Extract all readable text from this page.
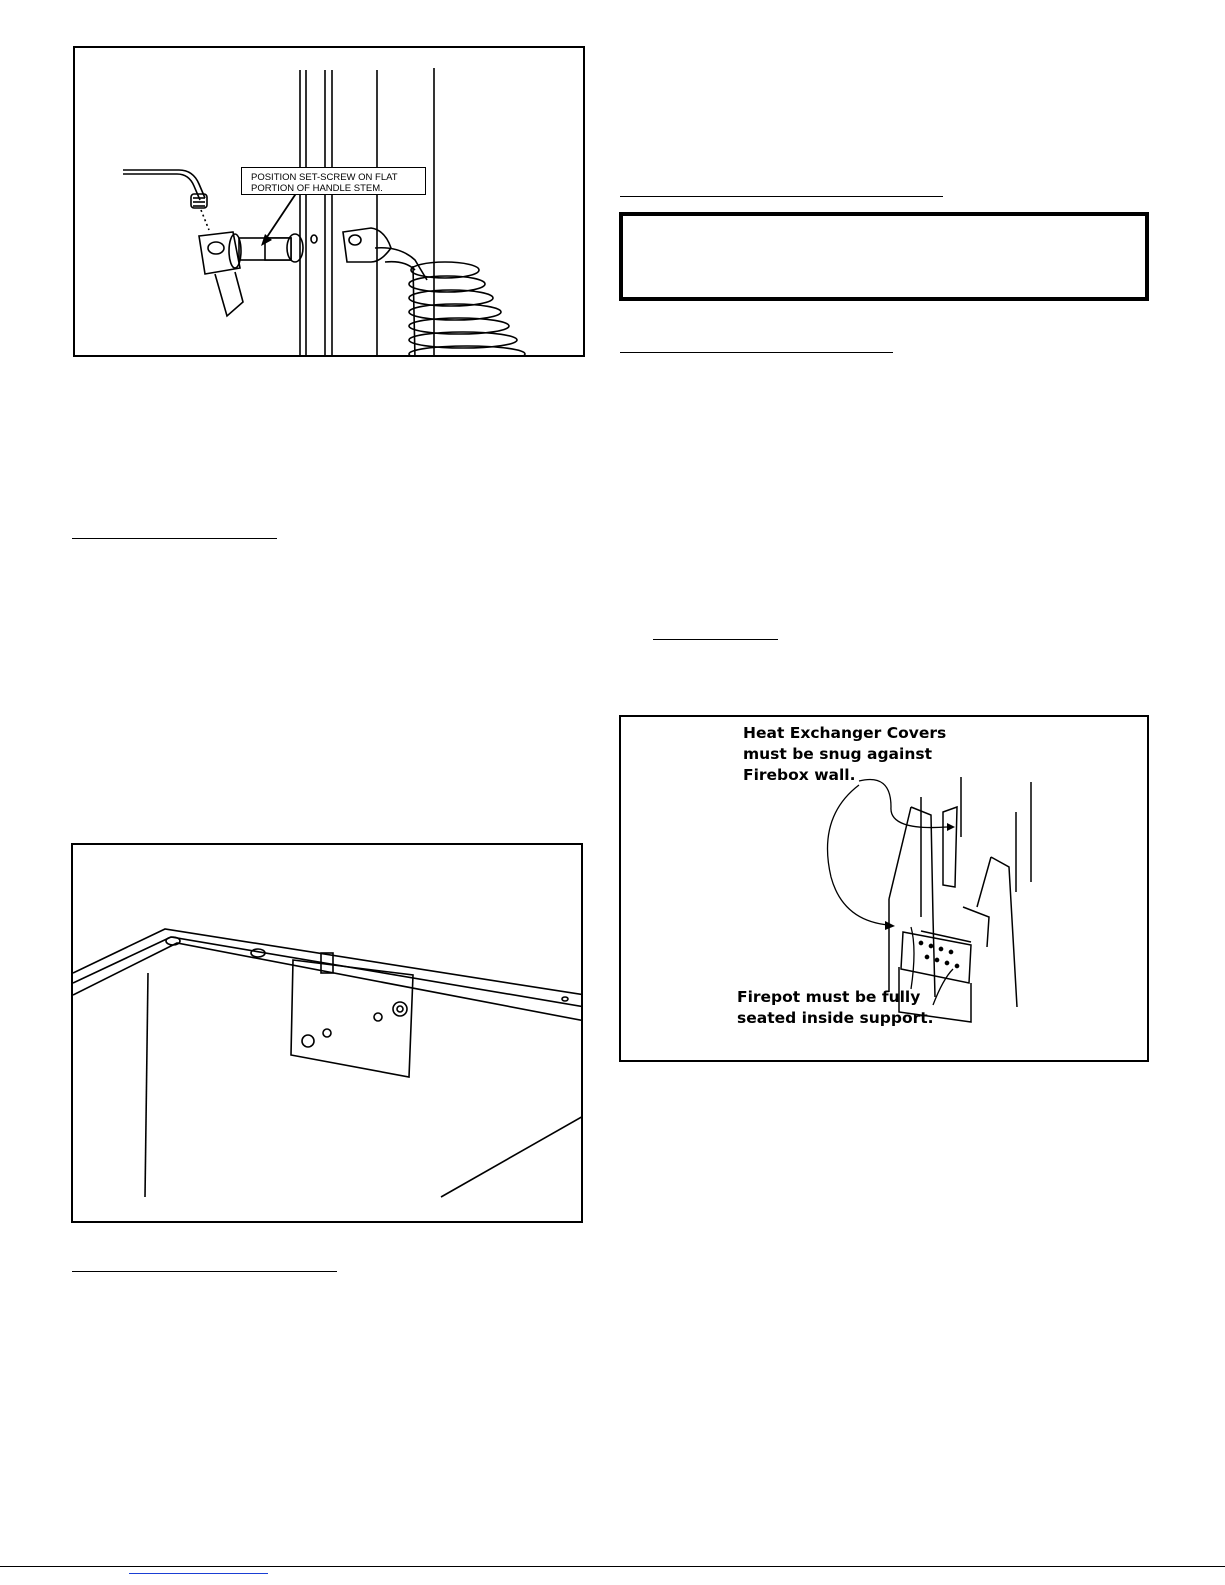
POSITION SET-SCREW ON FLAT PORTION OF HANDLE STEM.

Heat Exchanger Covers must be snug against Firebox wall.

Firepot must be fully seated inside support.
